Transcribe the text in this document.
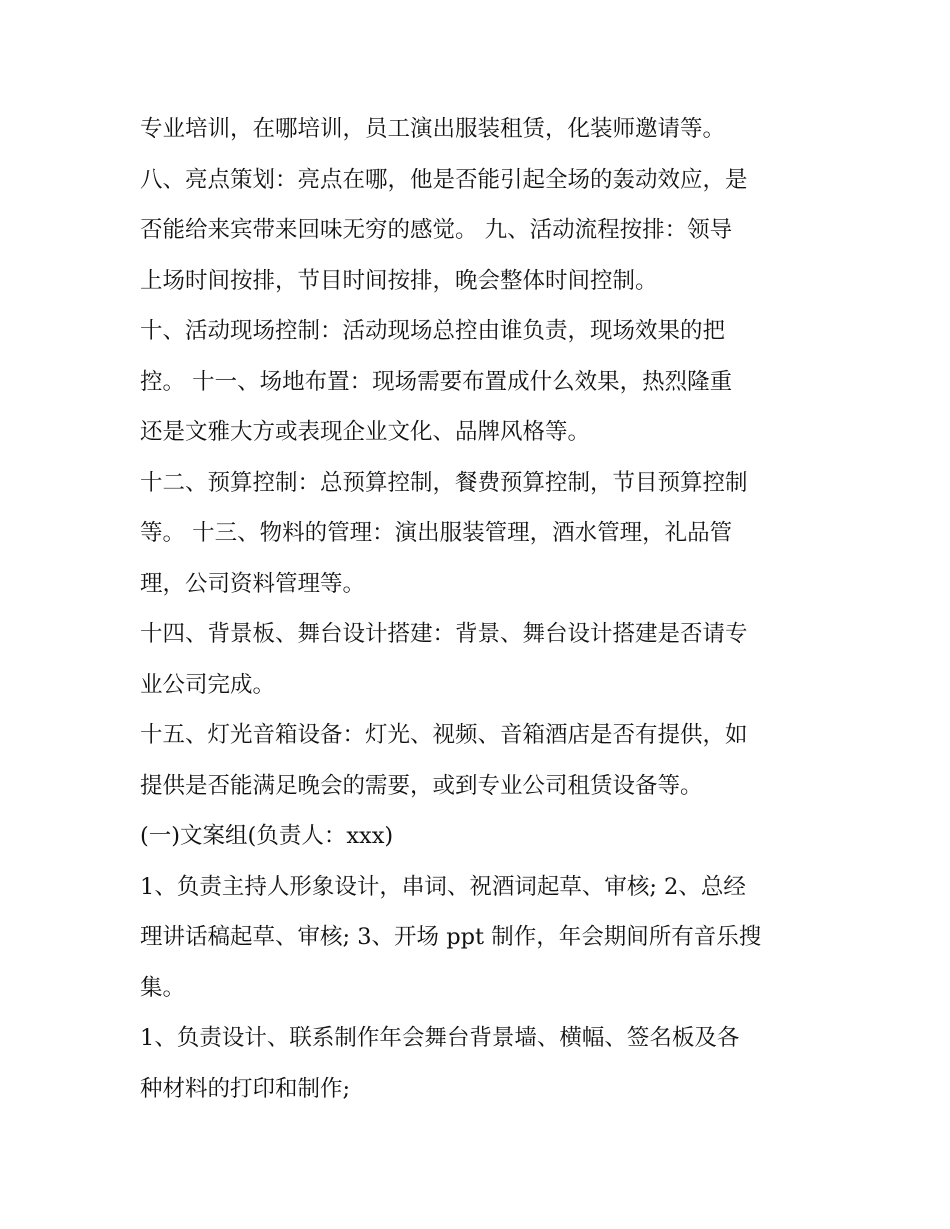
专业培训，在哪培训，员工演出服装租赁，化装师邀请等。
八、亮点策划：亮点在哪，他是否能引起全场的轰动效应，是
否能给来宾带来回味无穷的感觉。 九、活动流程按排：领导
上场时间按排，节目时间按排，晚会整体时间控制。
十、活动现场控制：活动现场总控由谁负责，现场效果的把
控。 十一、场地布置：现场需要布置成什么效果，热烈隆重
还是文雅大方或表现企业文化、品牌风格等。
十二、预算控制：总预算控制，餐费预算控制，节目预算控制
等。 十三、物料的管理：演出服装管理，酒水管理，礼品管
理，公司资料管理等。
十四、背景板、舞台设计搭建：背景、舞台设计搭建是否请专
业公司完成。
十五、灯光音箱设备：灯光、视频、音箱酒店是否有提供，如
提供是否能满足晚会的需要，或到专业公司租赁设备等。
(一)文案组(负责人：xxx)
1、负责主持人形象设计，串词、祝酒词起草、审核; 2、总经
理讲话稿起草、审核; 3、开场 ppt 制作，年会期间所有音乐搜
集。
1、负责设计、联系制作年会舞台背景墙、横幅、签名板及各
种材料的打印和制作;
